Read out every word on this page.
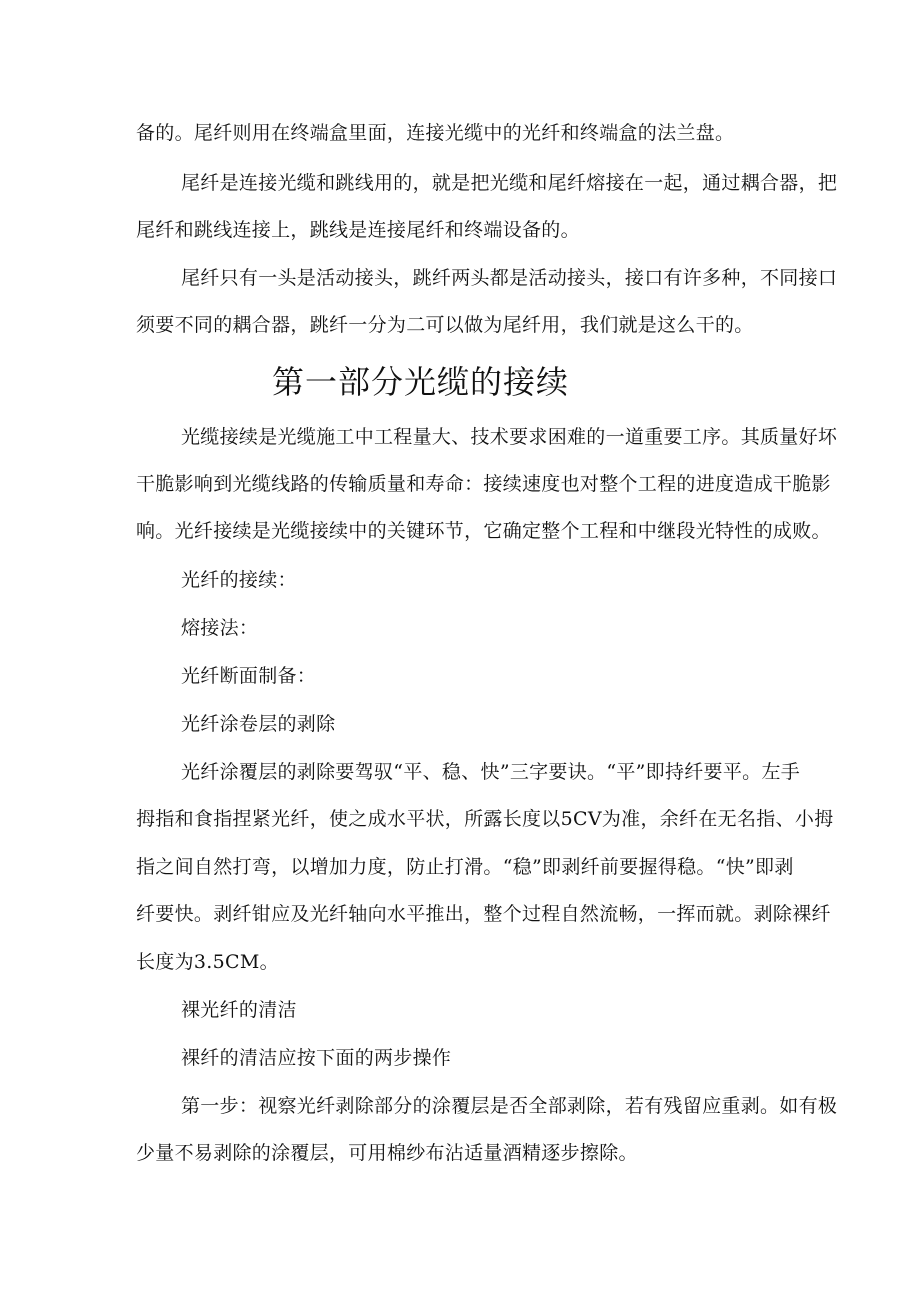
备的。尾纤则用在终端盒里面，连接光缆中的光纤和终端盒的法兰盘。
尾纤是连接光缆和跳线用的，就是把光缆和尾纤熔接在一起，通过耦合器，把
尾纤和跳线连接上，跳线是连接尾纤和终端设备的。
尾纤只有一头是活动接头，跳纤两头都是活动接头，接口有许多种，不同接口
须要不同的耦合器，跳纤一分为二可以做为尾纤用，我们就是这么干的。
第一部分光缆的接续
光缆接续是光缆施工中工程量大、技术要求困难的一道重要工序。其质量好坏
干脆影响到光缆线路的传输质量和寿命：接续速度也对整个工程的进度造成干脆影
响。光纤接续是光缆接续中的关键环节，它确定整个工程和中继段光特性的成败。
光纤的接续：
熔接法：
光纤断面制备：
光纤涂卷层的剥除
光纤涂覆层的剥除要驾驭“平、稳、快”三字要诀。“平”即持纤要平。左手
拇指和食指捏紧光纤，使之成水平状，所露长度以5CV为准，余纤在无名指、小拇
指之间自然打弯，以增加力度，防止打滑。“稳”即剥纤前要握得稳。“快”即剥
纤要快。剥纤钳应及光纤轴向水平推出，整个过程自然流畅，一挥而就。剥除裸纤
长度为3.5CM。
裸光纤的清洁
裸纤的清洁应按下面的两步操作
第一步：视察光纤剥除部分的涂覆层是否全部剥除，若有残留应重剥。如有极
少量不易剥除的涂覆层，可用棉纱布沾适量酒精逐步擦除。
